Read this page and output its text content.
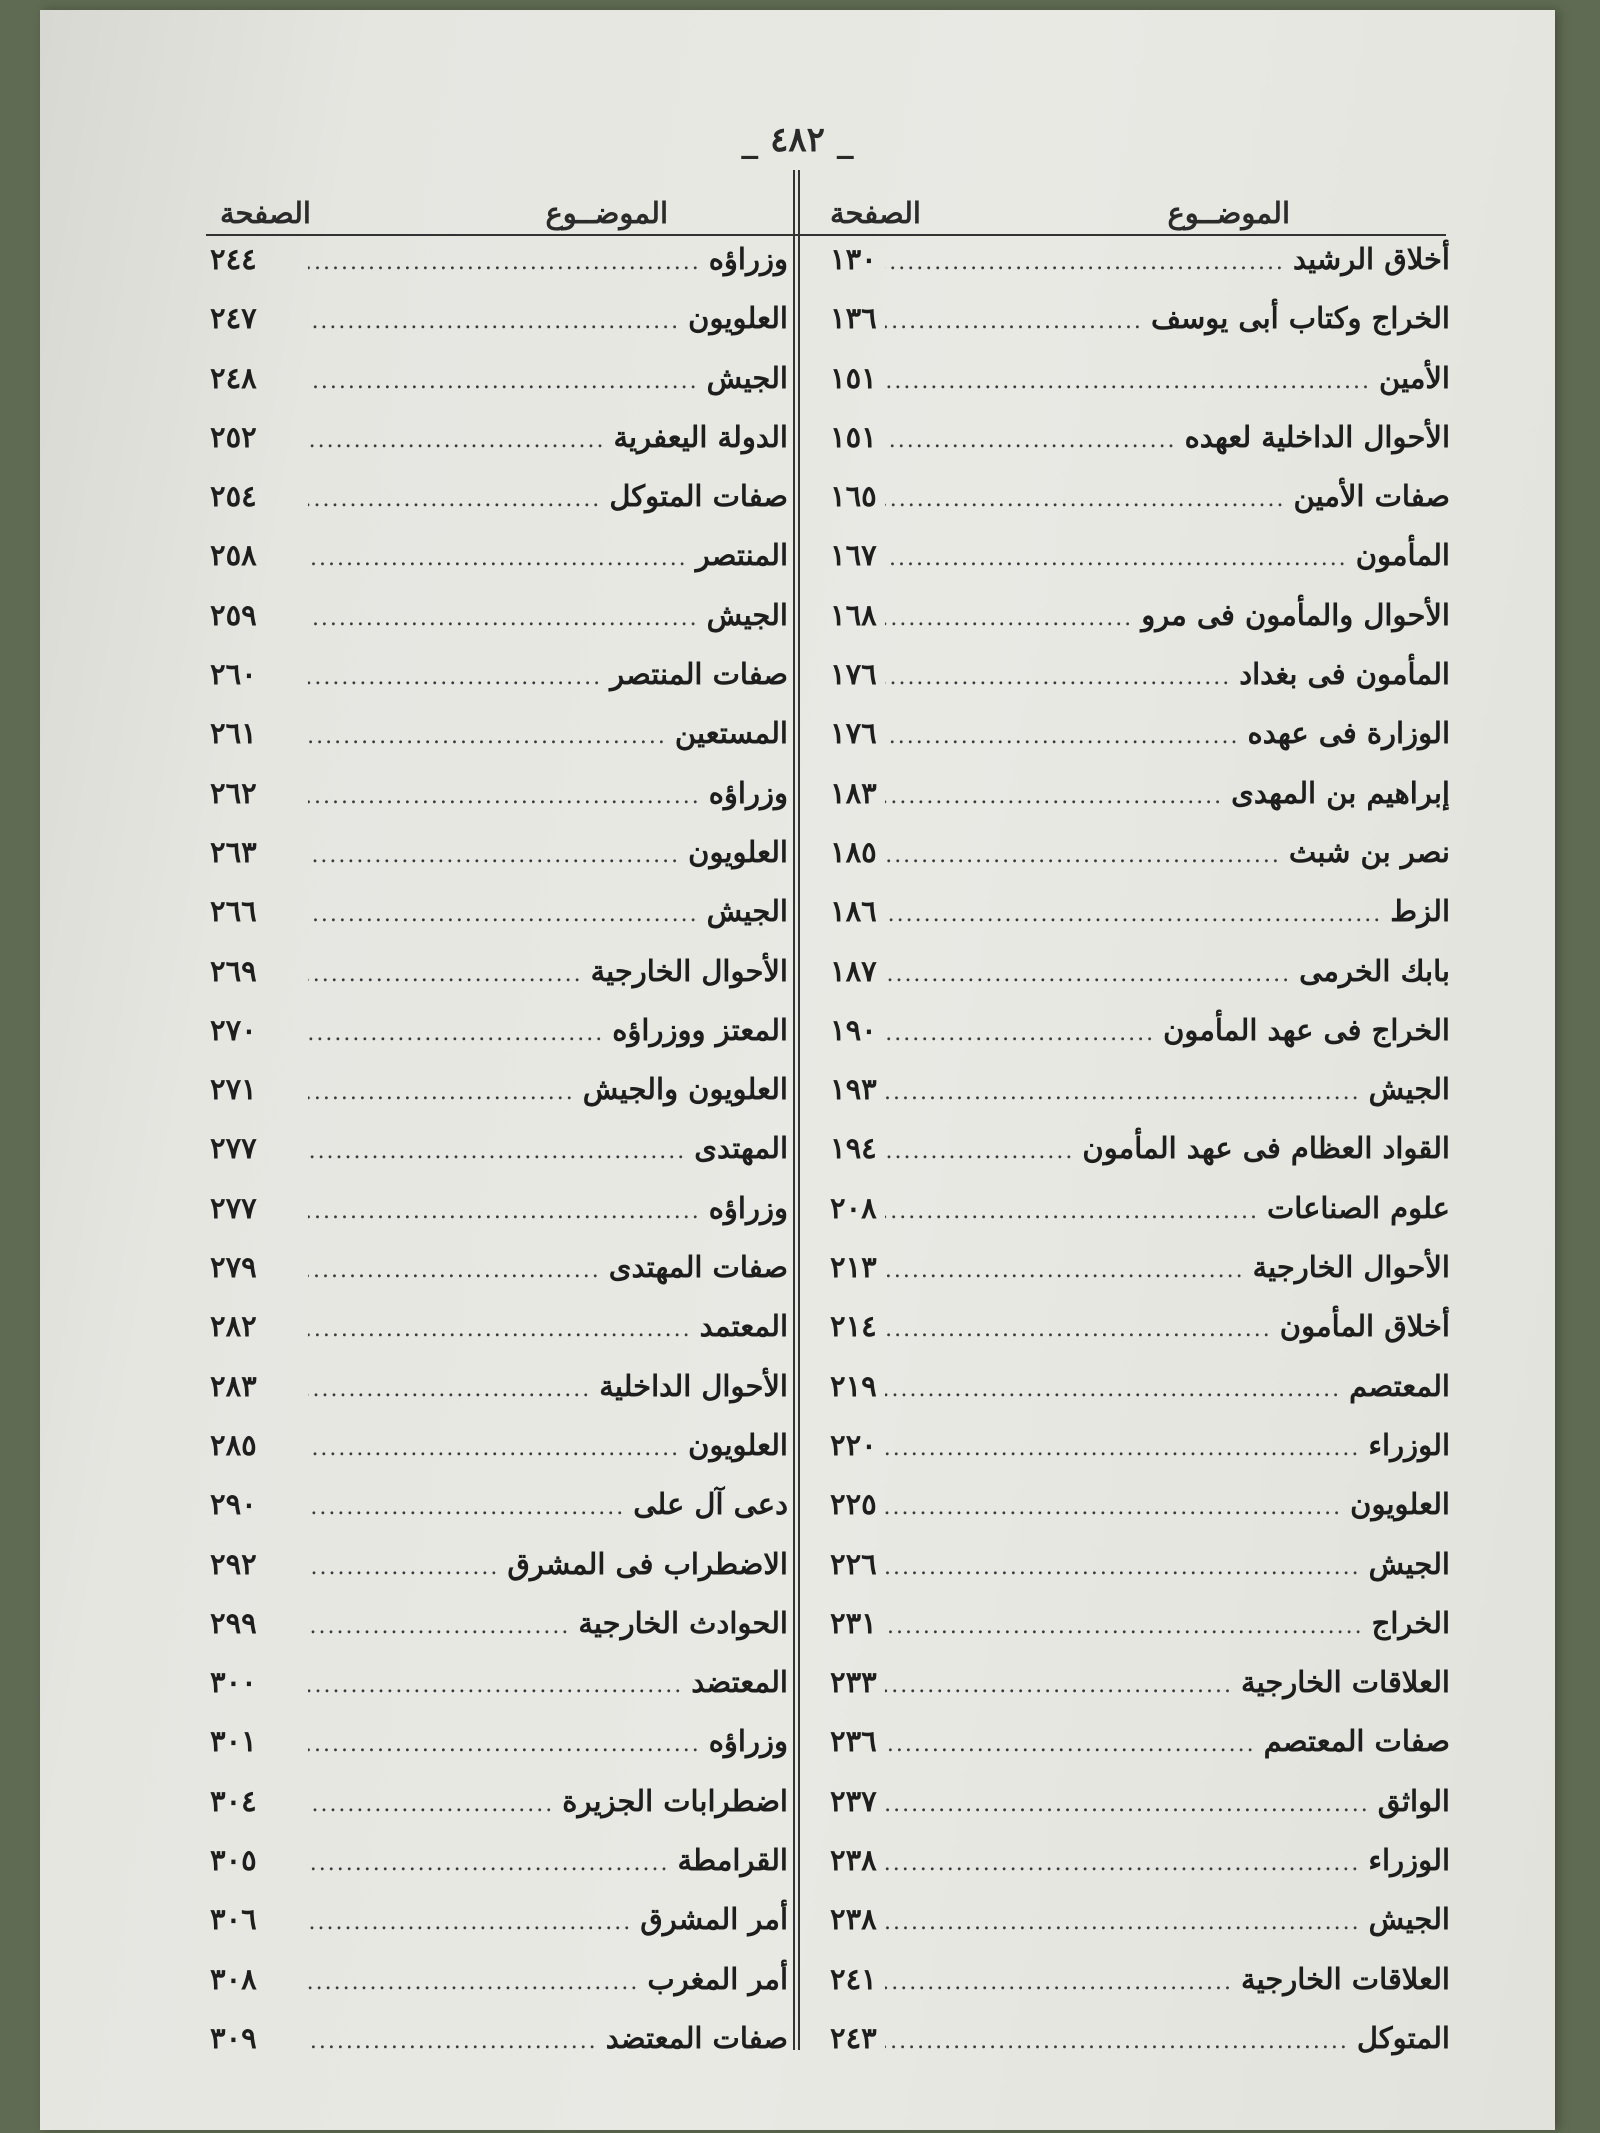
_ ٤٨٢ _
الموضــوع
الصفحة
أخلاق الرشيد
.....
١٣٠
الخراج وكتاب أبى يوسف
.....
١٣٦
الأمين
.....
١٥١
الأحوال الداخلية لعهده
.....
١٥١
صفات الأمين
.....
١٦٥
المأمون
.....
١٦٧
الأحوال والمأمون فى مرو
.....
١٦٨
المأمون فى بغداد
.....
١٧٦
الوزارة فى عهده
.....
١٧٦
إبراهيم بن المهدى
.....
١٨٣
نصر بن شبث
.....
١٨٥
الزط
.....
١٨٦
بابك الخرمى
.....
١٨٧
الخراج فى عهد المأمون
.....
١٩٠
الجيش
.....
١٩٣
القواد العظام فى عهد المأمون
.....
١٩٤
علوم الصناعات
.....
٢٠٨
الأحوال الخارجية
.....
٢١٣
أخلاق المأمون
.....
٢١٤
المعتصم
.....
٢١٩
الوزراء
.....
٢٢٠
العلويون
.....
٢٢٥
الجيش
.....
٢٢٦
الخراج
.....
٢٣١
العلاقات الخارجية
.....
٢٣٣
صفات المعتصم
.....
٢٣٦
الواثق
.....
٢٣٧
الوزراء
.....
٢٣٨
الجيش
.....
٢٣٨
العلاقات الخارجية
.....
٢٤١
المتوكل
.....
٢٤٣
الموضــوع
الصفحة
وزراؤه
.....
٢٤٤
العلويون
.....
٢٤٧
الجيش
.....
٢٤٨
الدولة اليعفرية
.....
٢٥٢
صفات المتوكل
.....
٢٥٤
المنتصر
.....
٢٥٨
الجيش
.....
٢٥٩
صفات المنتصر
.....
٢٦٠
المستعين
.....
٢٦١
وزراؤه
.....
٢٦٢
العلويون
.....
٢٦٣
الجيش
.....
٢٦٦
الأحوال الخارجية
.....
٢٦٩
المعتز ووزراؤه
.....
٢٧٠
العلويون والجيش
.....
٢٧١
المهتدى
.....
٢٧٧
وزراؤه
.....
٢٧٧
صفات المهتدى
.....
٢٧٩
المعتمد
.....
٢٨٢
الأحوال الداخلية
.....
٢٨٣
العلويون
.....
٢٨٥
دعى آل على
.....
٢٩٠
الاضطراب فى المشرق
.....
٢٩٢
الحوادث الخارجية
.....
٢٩٩
المعتضد
.....
٣٠٠
وزراؤه
.....
٣٠١
اضطرابات الجزيرة
.....
٣٠٤
القرامطة
.....
٣٠٥
أمر المشرق
.....
٣٠٦
أمر المغرب
.....
٣٠٨
صفات المعتضد
.....
٣٠٩
